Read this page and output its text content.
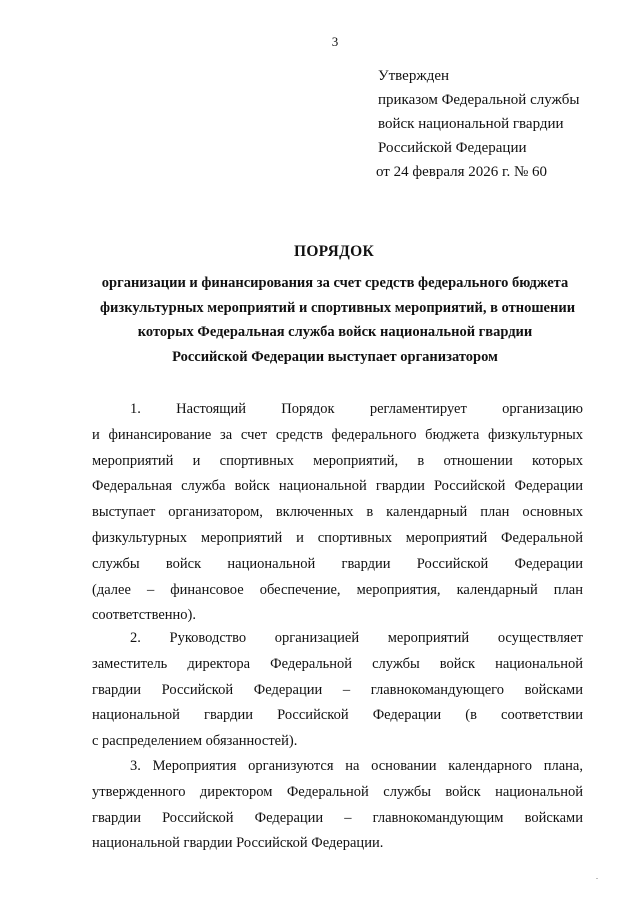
3
Утвержден
приказом Федеральной службы
войск национальной гвардии
Российской Федерации
от 24 февраля 2026 г. № 60
ПОРЯДОК
организации и финансирования за счет средств федерального бюджета
физкультурных мероприятий и спортивных мероприятий, в отношении
которых Федеральная служба войск национальной гвардии
Российской Федерации выступает организатором

1. Настоящий Порядок регламентирует организацию
и финансирование за счет средств федерального бюджета физкультурных
мероприятий и спортивных мероприятий, в отношении которых
Федеральная служба войск национальной гвардии Российской Федерации
выступает организатором, включенных в календарный план основных
физкультурных мероприятий и спортивных мероприятий Федеральной
службы войск национальной гвардии Российской Федерации
(далее – финансовое обеспечение, мероприятия, календарный план
соответственно).

2. Руководство организацией мероприятий осуществляет
заместитель директора Федеральной службы войск национальной
гвардии Российской Федерации – главнокомандующего войсками
национальной гвардии Российской Федерации (в соответствии
с распределением обязанностей).

3. Мероприятия организуются на основании календарного плана,
утвержденного директором Федеральной службы войск национальной
гвардии Российской Федерации – главнокомандующим войсками
национальной гвардии Российской Федерации.

.
